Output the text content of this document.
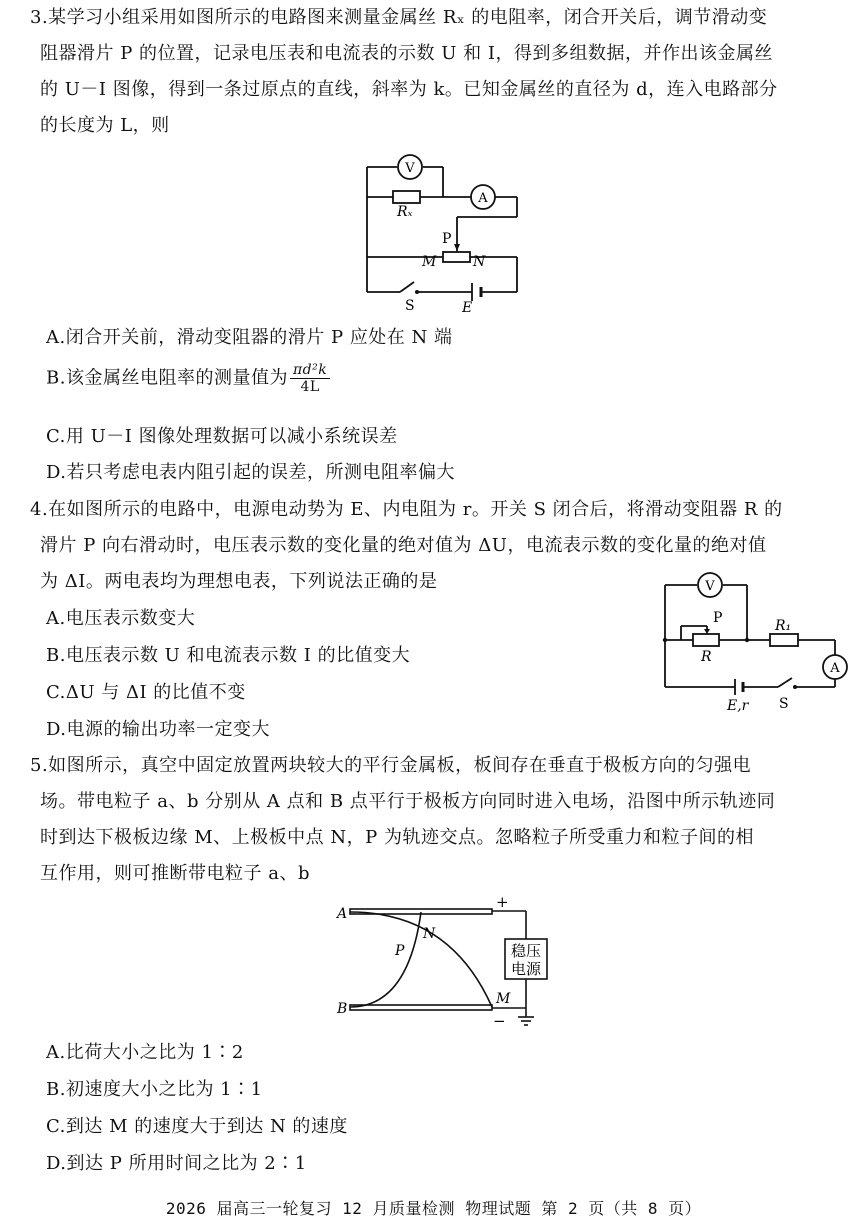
3.某学习小组采用如图所示的电路图来测量金属丝 Rₓ 的电阻率，闭合开关后，调节滑动变
阻器滑片 P 的位置，记录电压表和电流表的示数 U 和 I，得到多组数据，并作出该金属丝
的 U－I 图像，得到一条过原点的直线，斜率为 k。已知金属丝的直径为 d，连入电路部分
的长度为 L，则
V
A
Rₓ
P
M	N
S	E
A.闭合开关前，滑动变阻器的滑片 P 应处在 N 端
B.该金属丝电阻率的测量值为 $\frac{\text{πd²k}}{4L}$
C.用 U－I 图像处理数据可以减小系统误差
D.若只考虑电表内阻引起的误差，所测电阻率偏大
4.在如图所示的电路中，电源电动势为 E、内电阻为 r。开关 S 闭合后，将滑动变阻器 R 的
滑片 P 向右滑动时，电压表示数的变化量的绝对值为 ΔU，电流表示数的变化量的绝对值
为 ΔI。两电表均为理想电表，下列说法正确的是
A.电压表示数变大
B.电压表示数 U 和电流表示数 I 的比值变大
C.ΔU 与 ΔI 的比值不变
D.电源的输出功率一定变大
V
A
P
R
R₁
E,r S
5.如图所示，真空中固定放置两块较大的平行金属板，板间存在垂直于极板方向的匀强电
场。带电粒子 a、b 分别从 A 点和 B 点平行于极板方向同时进入电场，沿图中所示轨迹同
时到达下极板边缘 M、上极板中点 N，P 为轨迹交点。忽略粒子所受重力和粒子间的相
互作用，则可推断带电粒子 a、b
稳压
电源
+
−
A
B
P
N
M
A.比荷大小之比为 1∶2
B.初速度大小之比为 1∶1
C.到达 M 的速度大于到达 N 的速度
D.到达 P 所用时间之比为 2∶1
2026 届高三一轮复习 12 月质量检测 物理试题 第 2 页（共 8 页）
